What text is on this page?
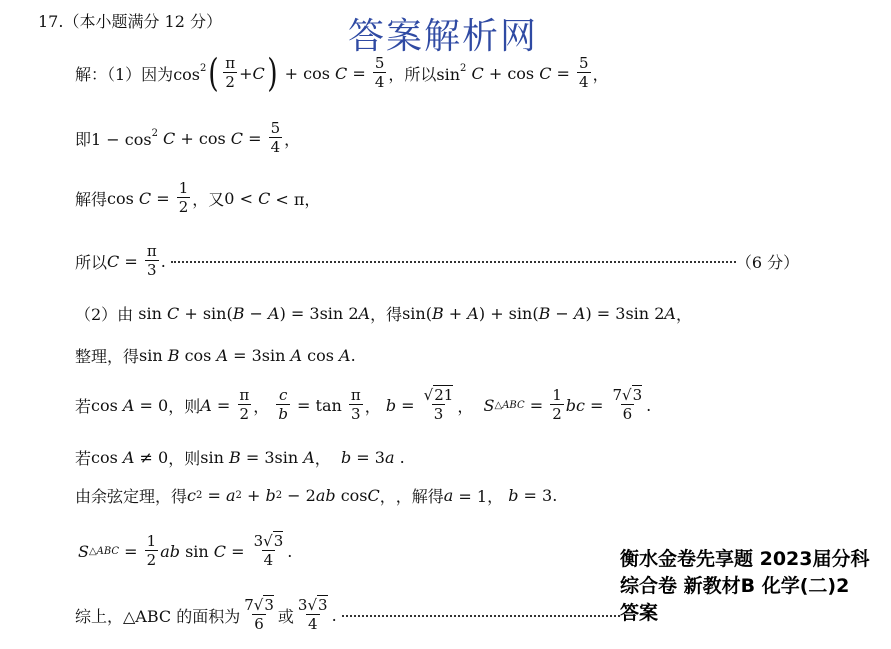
17.（本小题满分 12 分）	答案解析网
解：（1）因为 $\cos^2$ ( $\frac{\pi}{2} + C$ ) + $\cos C = \frac{5}{4}$ ，所以 $\sin^2 C + \cos C = \frac{5}{4}$ ，
即 $1 - \cos^2 C + \cos C = \frac{5}{4}$ ，
解得 $\cos C = \frac{1}{2}$ ，又 0 < C < π，
所以 $C = \frac{\pi}{3}$ .	（6 分）
（2）由 sin C + sin( B − A ) = 3sin 2 A ，得 sin( B + A ) + sin( B − A ) = 3sin 2 A ，
整理，得 sin B cos A = 3sin A cos A .
若 cos A = 0 ，则 $A = \frac{\pi}{2}$ ， $\frac{c}{b} = \tan \frac{\pi}{3}$ ， $b = \frac{√21}{3}$ ， S △ABC = $\frac{1}{2}$ bc = $\frac{7√3}{6}$ .
若 cos A ≠ 0 ，则 sin B = 3sin A ， b = 3 a .
由余弦定理，得 c 2 = a 2 + b 2 − 2 ab cos C ， ，解得 a = 1， b = 3.
S △ABC = $\frac{1}{2}$ ab $\sin C = \frac{3√3}{4}$ .
综上，△ABC 的面积为 $\frac{7√3}{6}$ 或 $\frac{3√3}{4}$ .
衡水金卷先享题 2023届分科
综合卷 新教材B 化学(二)2
答案
